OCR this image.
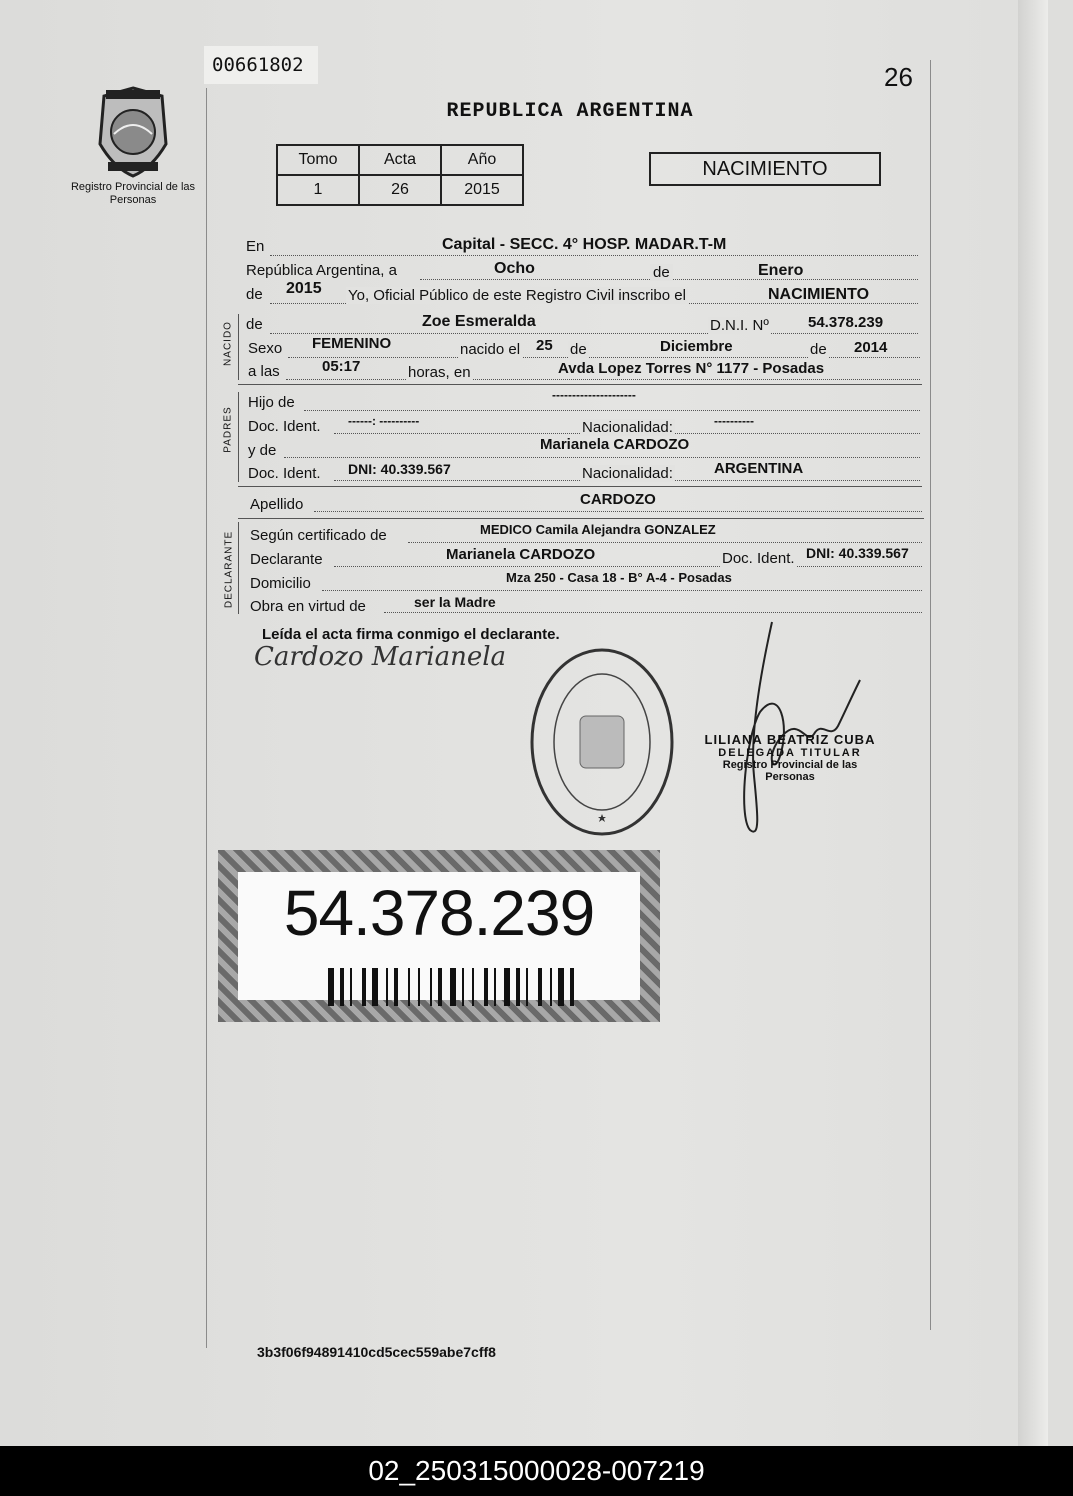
00661802	26
Registro Provincial de las Personas
REPUBLICA ARGENTINA
Tomo	Acta	Año
1	26	2015
NACIMIENTO
En	Capital - SECC. 4° HOSP. MADAR.T-M
República Argentina, a	Ocho	de	Enero
de 2015 Yo, Oficial Público de este Registro Civil inscribo el	NACIMIENTO
NACIDO de	Zoe Esmeralda	D.N.I. Nº	54.378.239
Sexo FEMENINO	nacido el 25 de	Diciembre	de 2014
a las	05:17	horas, en	Avda Lopez Torres N° 1177 - Posadas
PADRES
Hijo de	---------------------
Doc. Ident. ------: ----------	Nacionalidad:	----------
y de	Marianela CARDOZO
Doc. Ident. DNI: 40.339.567	Nacionalidad:	ARGENTINA
Apellido	CARDOZO
DECLARANTE Según certificado de	MEDICO Camila Alejandra GONZALEZ
Declarante	Marianela CARDOZO	Doc. Ident. DNI: 40.339.567
Domicilio	Mza 250 - Casa 18 - B° A-4 - Posadas
Obra en virtud de	ser la Madre
Leída el acta firma conmigo el declarante.
Cardozo Marianela
LILIANA BEATRIZ CUBA
DELEGADA TITULAR
Registro Provincial de las Personas
54.378.239
3b3f06f94891410cd5cec559abe7cff8
02_250315000028-007219
